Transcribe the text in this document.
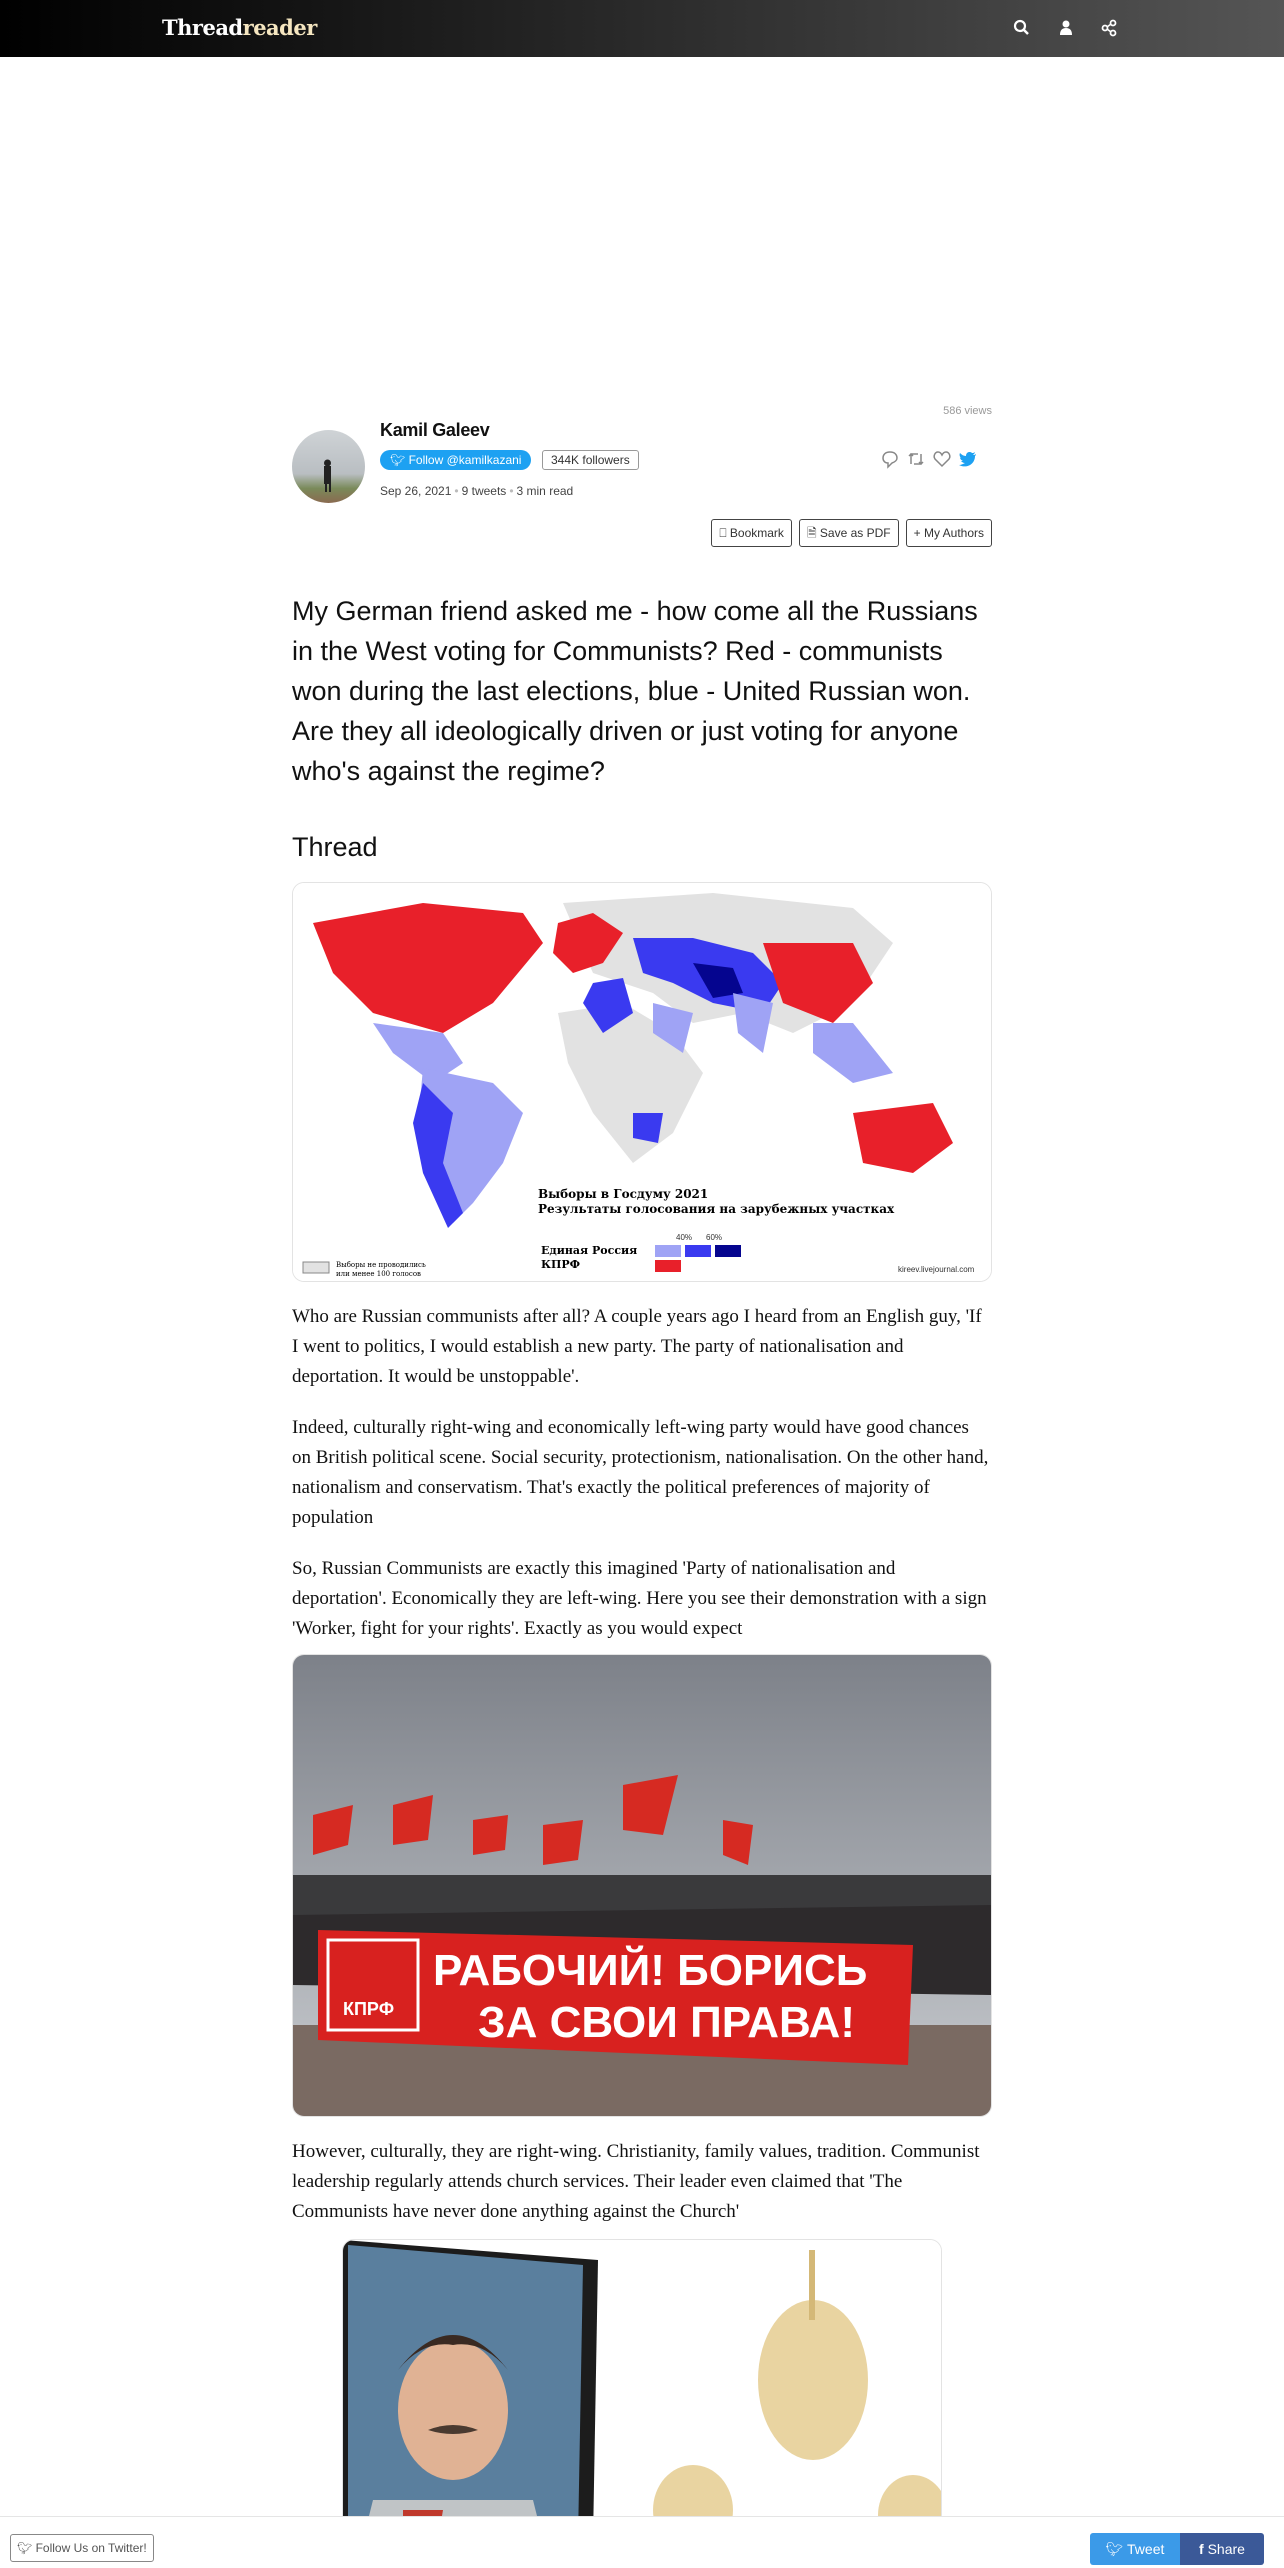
Threadreader
586 views
Kamil Galeev
🐦︎ Follow @kamilkazani	344K followers
Sep 26, 2021 • 9 tweets • 3 min read
⎕ Bookmark	🗎︎ Save as PDF	+ My Authors
My German friend asked me - how come all the Russians in the West voting for Communists? Red - communists won during the last elections, blue - United Russian won. Are they all ideologically driven or just voting for anyone who's against the regime?
Thread
Выборы в Госдуму 2021
Результаты голосования на зарубежных участках
40% 60%
Единая Россия
КПРФ
Выборы не проводились
или менее 100 голосов	kireev.livejournal.com
Who are Russian communists after all? A couple years ago I heard from an English guy, 'If I went to politics, I would establish a new party. The party of nationalisation and deportation. It would be unstoppable'.
Indeed, culturally right-wing and economically left-wing party would have good chances on British political scene. Social security, protectionism, nationalisation. On the other hand, nationalism and conservatism. That's exactly the political preferences of majority of population
So, Russian Communists are exactly this imagined 'Party of nationalisation and deportation'. Economically they are left-wing. Here you see their demonstration with a sign 'Worker, fight for your rights'. Exactly as you would expect
КПРФ
РАБОЧИЙ! БОРИСЬ
ЗА СВОИ ПРАВА!
However, culturally, they are right-wing. Christianity, family values, tradition. Communist leadership regularly attends church services. Their leader even claimed that 'The Communists have never done anything against the Church'
🐦︎ Follow Us on Twitter!	🐦︎ Tweet	f Share
